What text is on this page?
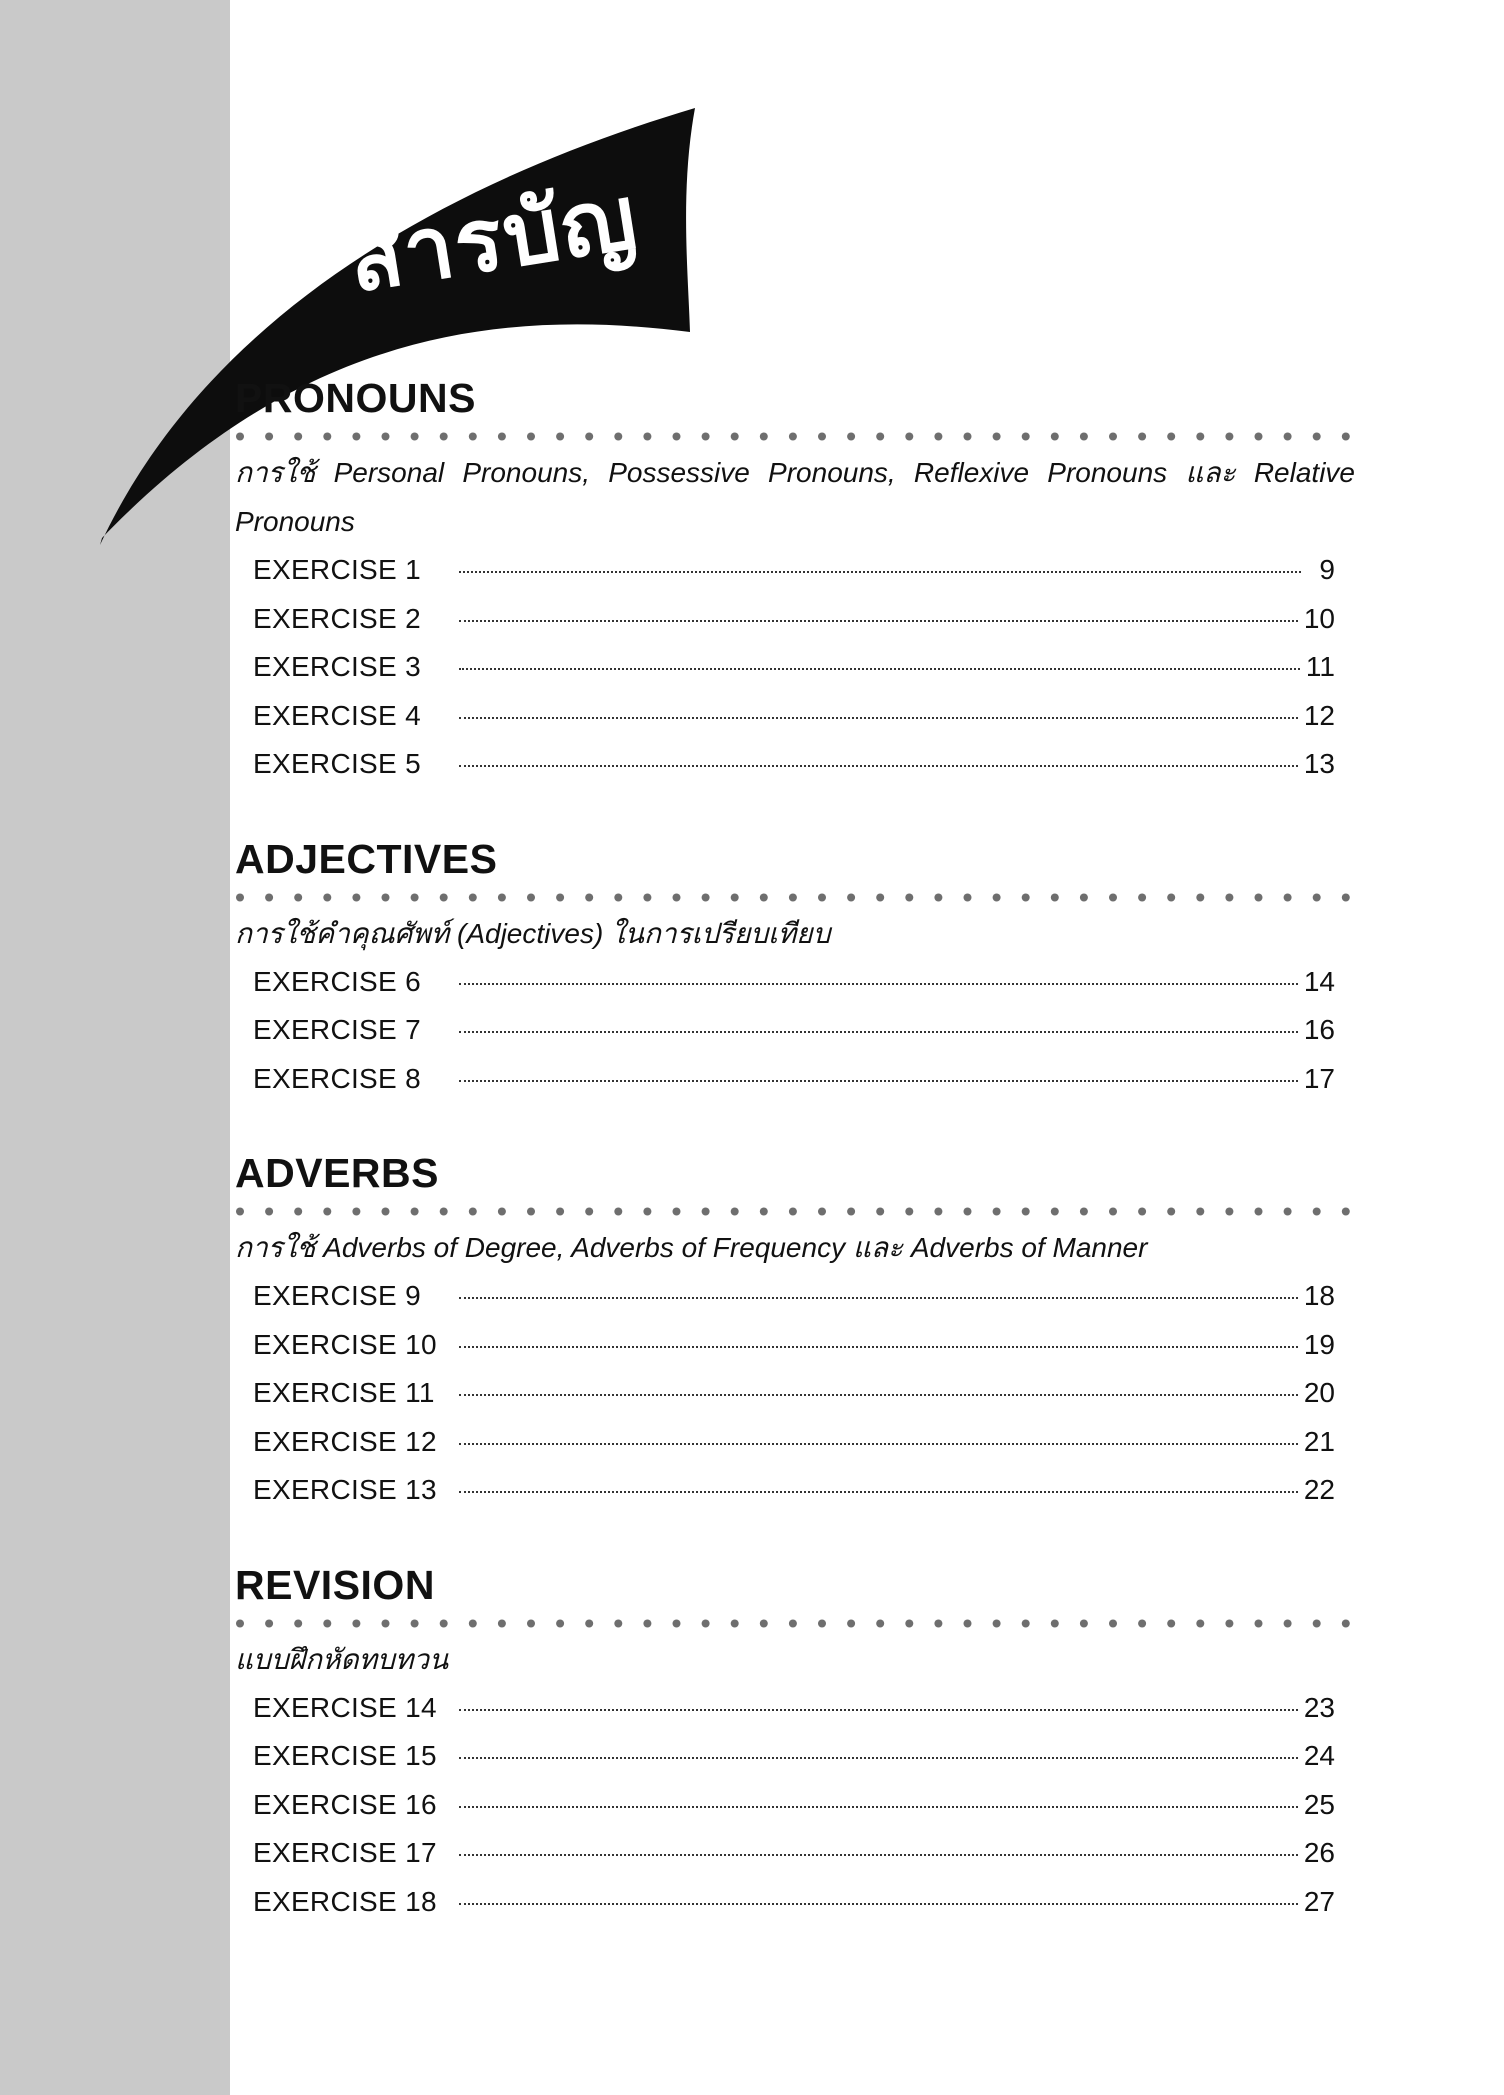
สารบัญ
PRONOUNS
การใช้ Personal Pronouns, Possessive Pronouns, Reflexive Pronouns และ Relative Pronouns
EXERCISE 1	9
EXERCISE 2	10
EXERCISE 3	11
EXERCISE 4	12
EXERCISE 5	13
ADJECTIVES
การใช้คำคุณศัพท์ (Adjectives) ในการเปรียบเทียบ
EXERCISE 6	14
EXERCISE 7	16
EXERCISE 8	17
ADVERBS
การใช้ Adverbs of Degree, Adverbs of Frequency และ Adverbs of Manner
EXERCISE 9	18
EXERCISE 10	19
EXERCISE 11	20
EXERCISE 12	21
EXERCISE 13	22
REVISION
แบบฝึกหัดทบทวน
EXERCISE 14	23
EXERCISE 15	24
EXERCISE 16	25
EXERCISE 17	26
EXERCISE 18	27
